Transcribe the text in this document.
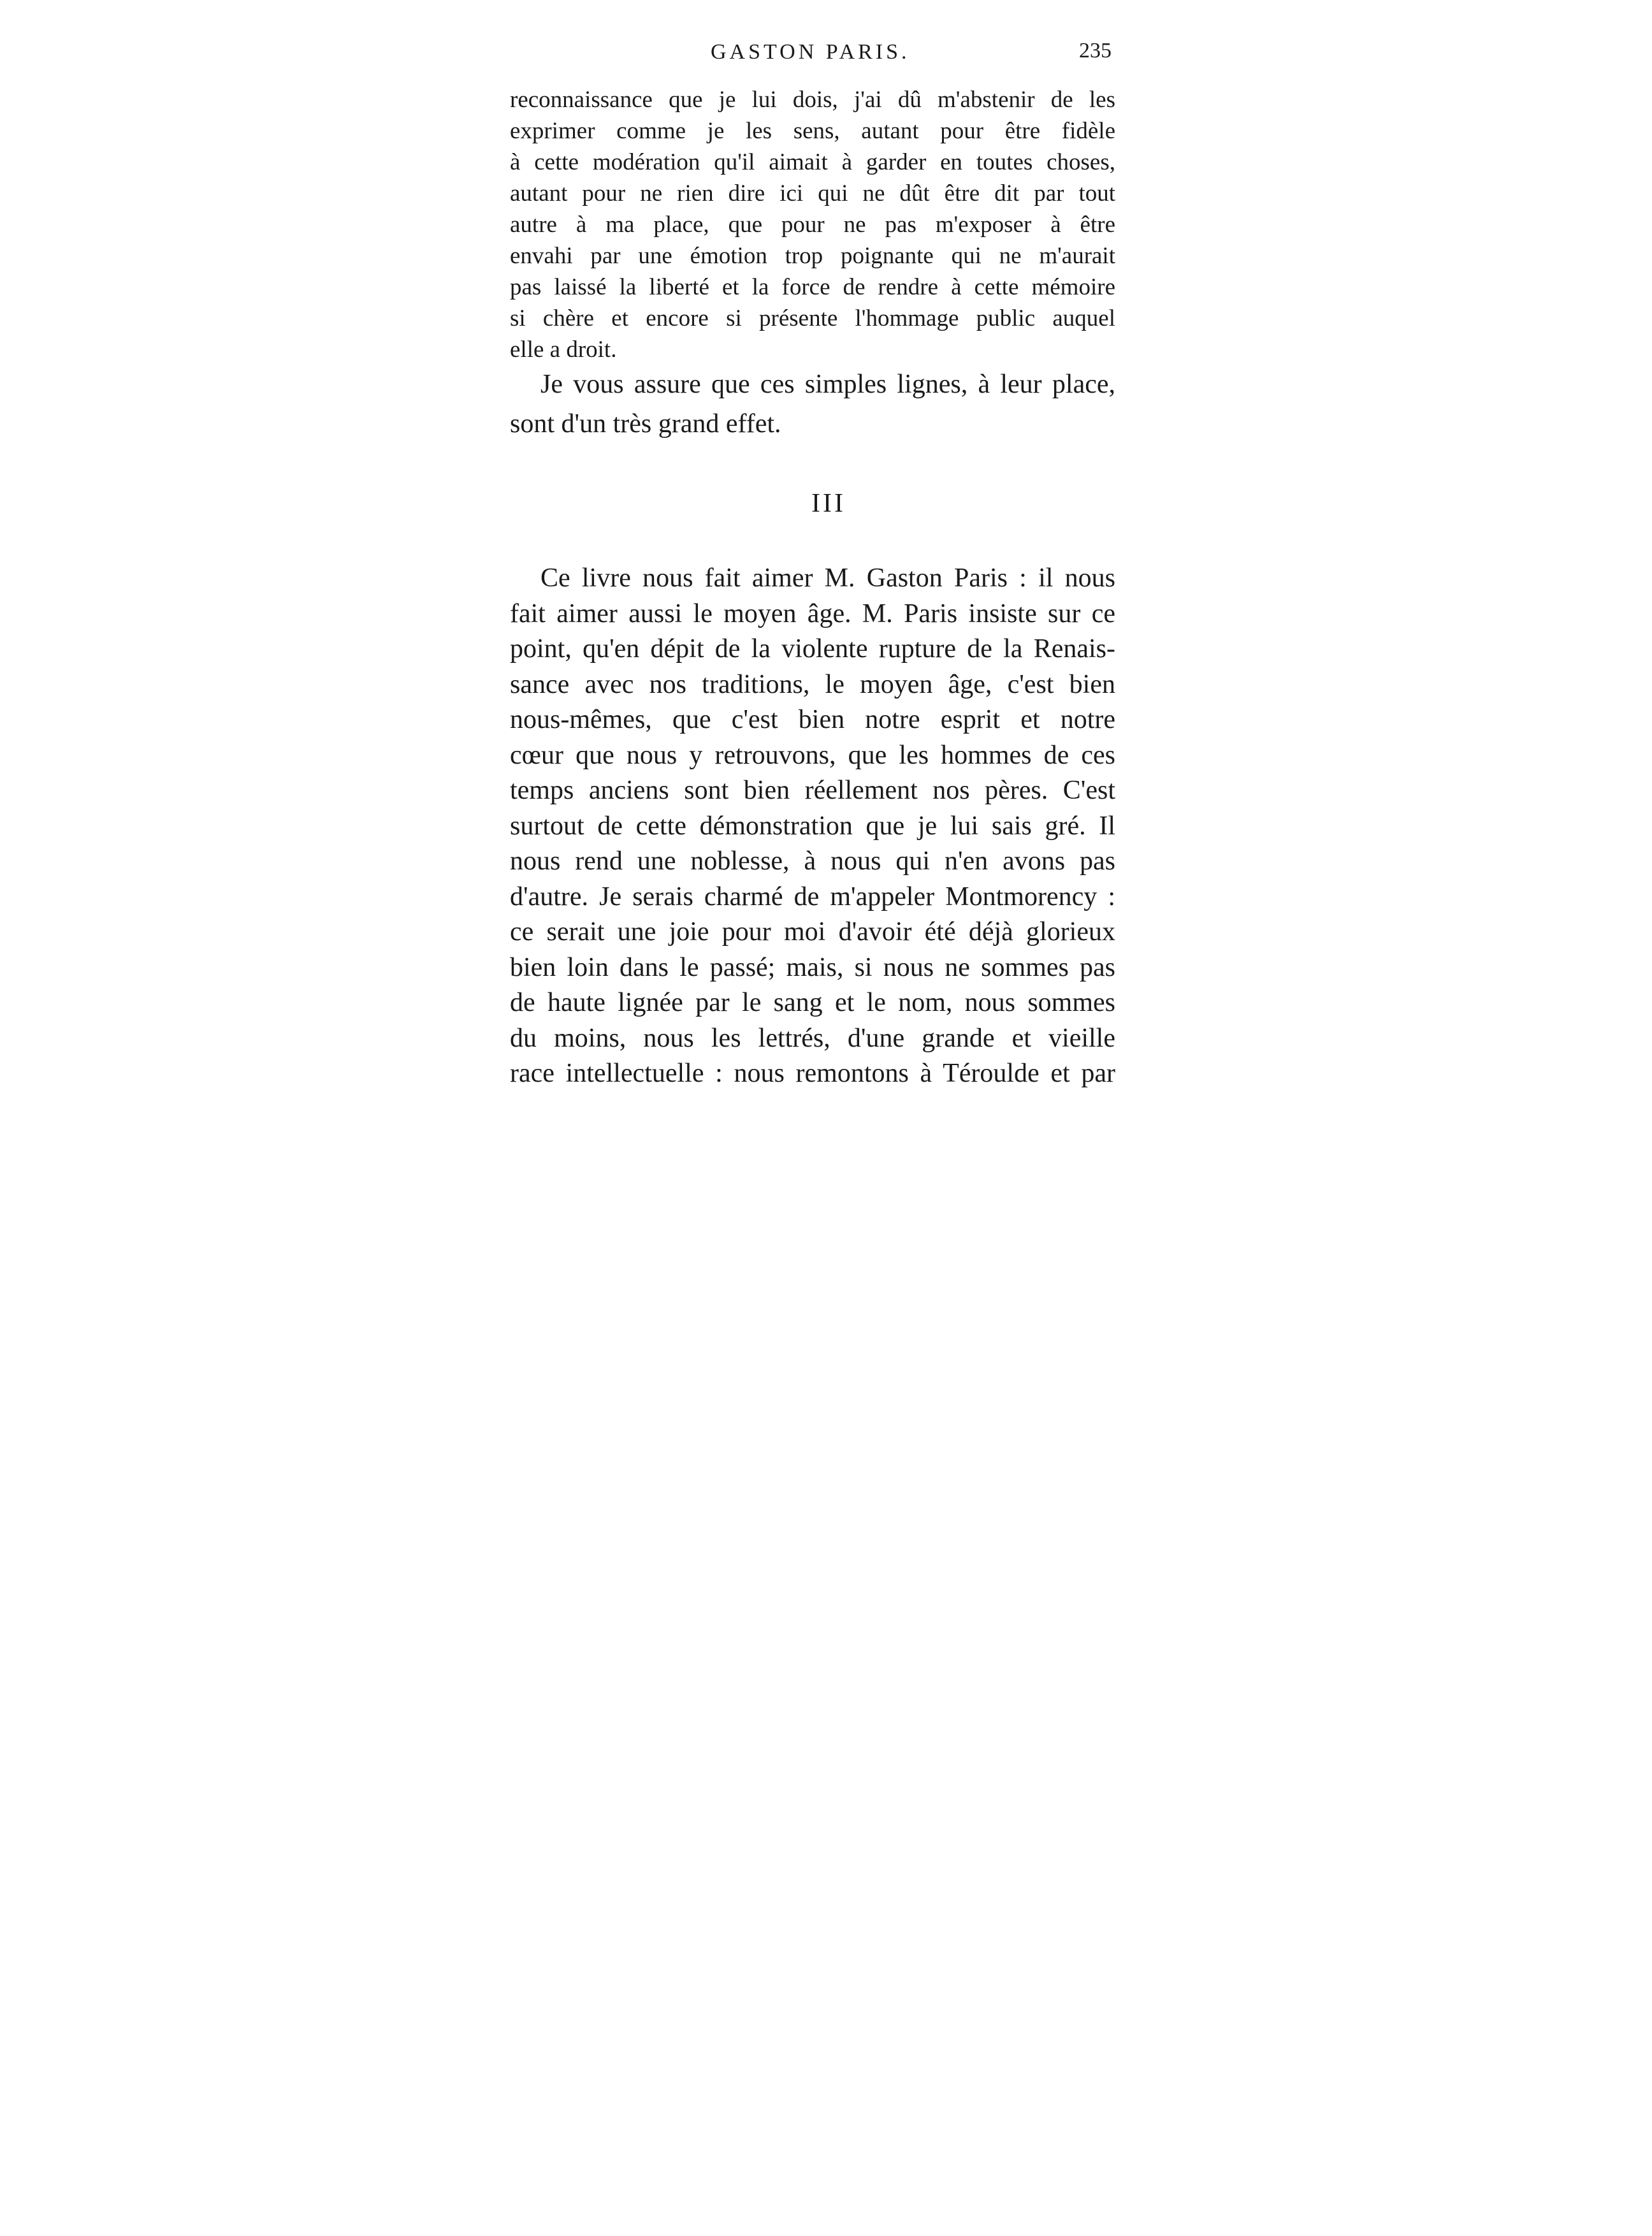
GASTON PARIS.	235
reconnaissance que je lui dois, j'ai dû m'abstenir de les
exprimer comme je les sens, autant pour être fidèle
à cette modération qu'il aimait à garder en toutes choses,
autant pour ne rien dire ici qui ne dût être dit par tout
autre à ma place, que pour ne pas m'exposer à être
envahi par une émotion trop poignante qui ne m'aurait
pas laissé la liberté et la force de rendre à cette mémoire
si chère et encore si présente l'hommage public auquel
elle a droit.
Je vous assure que ces simples lignes, à leur place,
sont d'un très grand effet.
III
Ce livre nous fait aimer M. Gaston Paris : il nous
fait aimer aussi le moyen âge. M. Paris insiste sur ce
point, qu'en dépit de la violente rupture de la Renais-
sance avec nos traditions, le moyen âge, c'est bien
nous-mêmes, que c'est bien notre esprit et notre
cœur que nous y retrouvons, que les hommes de ces
temps anciens sont bien réellement nos pères. C'est
surtout de cette démonstration que je lui sais gré. Il
nous rend une noblesse, à nous qui n'en avons pas
d'autre. Je serais charmé de m'appeler Montmorency :
ce serait une joie pour moi d'avoir été déjà glorieux
bien loin dans le passé; mais, si nous ne sommes pas
de haute lignée par le sang et le nom, nous sommes
du moins, nous les lettrés, d'une grande et vieille
race intellectuelle : nous remontons à Téroulde et par
